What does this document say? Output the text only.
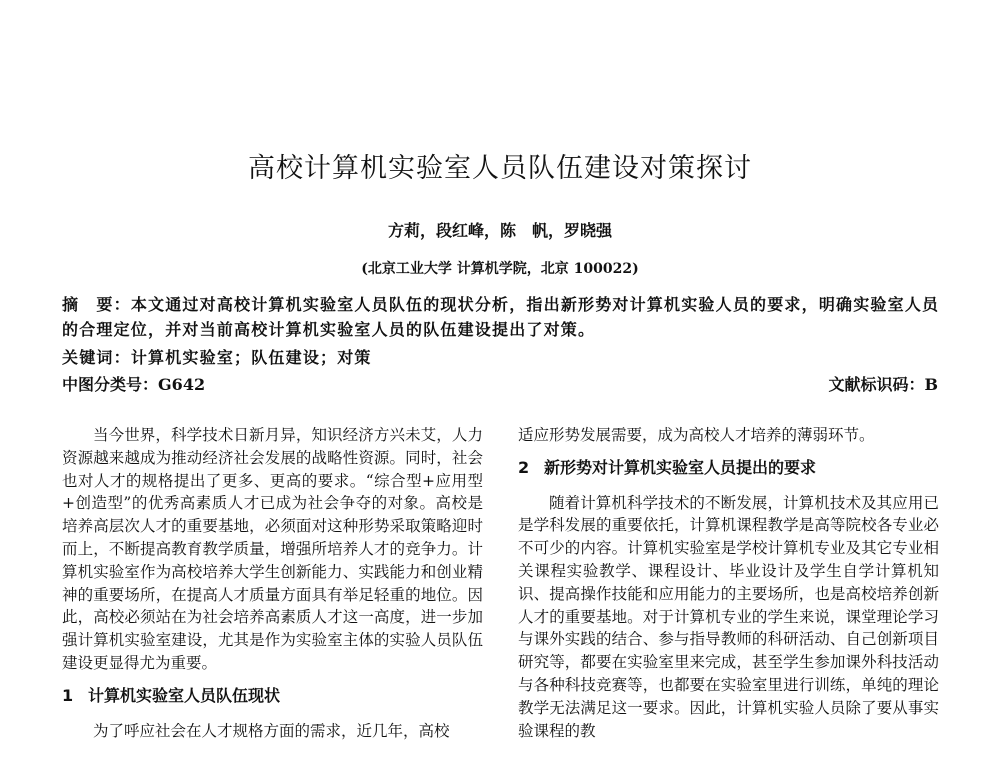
高校计算机实验室人员队伍建设对策探讨
方莉，段红峰，陈　帆，罗晓强
(北京工业大学 计算机学院，北京 100022)
摘　要：本文通过对高校计算机实验室人员队伍的现状分析，指出新形势对计算机实验人员的要求，明确实验室人员的合理定位，并对当前高校计算机实验室人员的队伍建设提出了对策。
关键词：计算机实验室；队伍建设；对策
中图分类号：G642	文献标识码：B

当今世界，科学技术日新月异，知识经济方兴未艾，人力资源越来越成为推动经济社会发展的战略性资源。同时，社会也对人才的规格提出了更多、更高的要求。“综合型+应用型+创造型”的优秀高素质人才已成为社会争夺的对象。高校是培养高层次人才的重要基地，必须面对这种形势采取策略迎时而上，不断提高教育教学质量，增强所培养人才的竞争力。计算机实验室作为高校培养大学生创新能力、实践能力和创业精神的重要场所，在提高人才质量方面具有举足轻重的地位。因此，高校必须站在为社会培养高素质人才这一高度，进一步加强计算机实验室建设，尤其是作为实验室主体的实验人员队伍建设更显得尤为重要。

1 计算机实验室人员队伍现状

为了呼应社会在人才规格方面的需求，近几年，高校

适应形势发展需要，成为高校人才培养的薄弱环节。

2 新形势对计算机实验室人员提出的要求

随着计算机科学技术的不断发展，计算机技术及其应用已是学科发展的重要依托，计算机课程教学是高等院校各专业必不可少的内容。计算机实验室是学校计算机专业及其它专业相关课程实验教学、课程设计、毕业设计及学生自学计算机知识、提高操作技能和应用能力的主要场所，也是高校培养创新人才的重要基地。对于计算机专业的学生来说，课堂理论学习与课外实践的结合、参与指导教师的科研活动、自己创新项目研究等，都要在实验室里来完成，甚至学生参加课外科技活动与各种科技竞赛等，也都要在实验室里进行训练，单纯的理论教学无法满足这一要求。因此，计算机实验人员除了要从事实验课程的教
